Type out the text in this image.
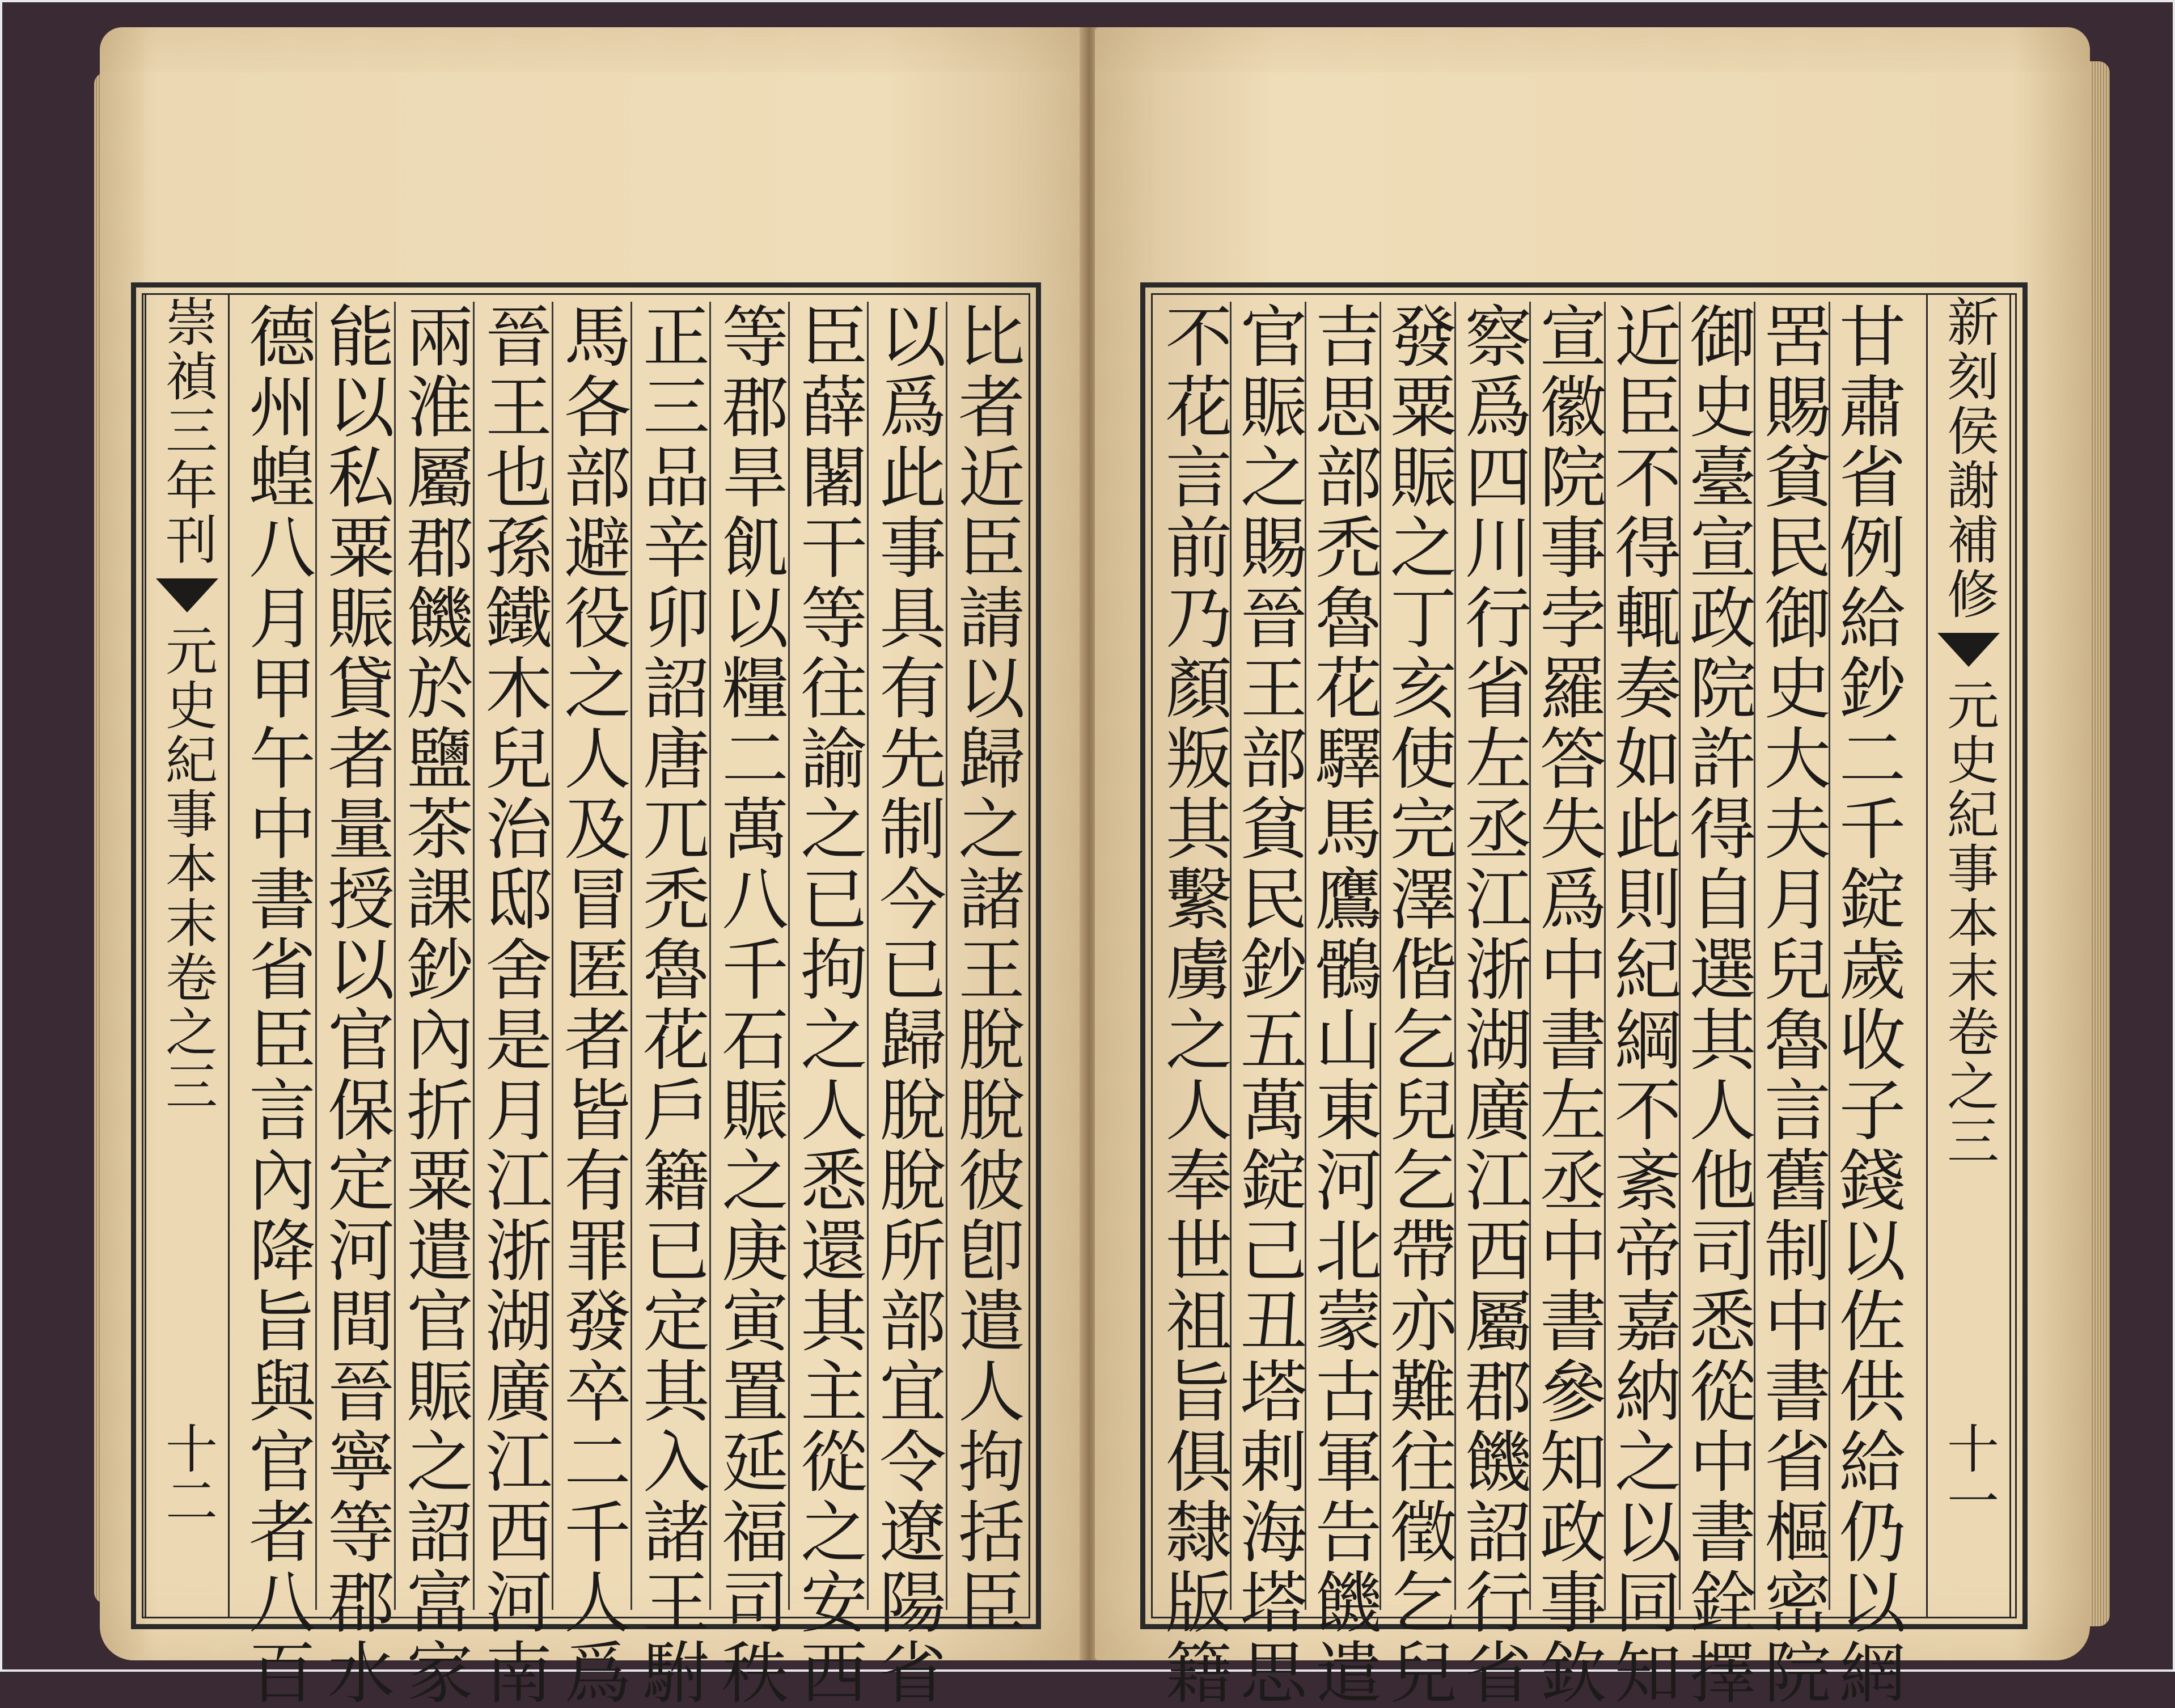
崇禎三年刊
元史紀事本末卷之三
十二	比者近臣請以歸之諸王脫脫彼卽遣人拘括臣
以爲此事具有先制今已歸脫脫所部宜令遼陽省
臣薛闍干等往諭之已拘之人悉還其主從之安西
等郡旱飢以糧二萬八千石賑之庚寅置延福司秩
正三品辛卯詔唐兀禿魯花戶籍已定其入諸王駙
馬各部避役之人及冒匿者皆有罪發卒二千人爲
晉王也孫鐵木兒治邸舍是月江浙湖廣江西河南
兩淮屬郡饑於鹽茶課鈔內折粟遣官賑之詔富家
能以私粟賑貸者量授以官保定河間晉寧等郡水
德州蝗八月甲午中書省臣言內降旨與官者八百	新刻侯謝補修
元史紀事本末卷之三
十一
甘肅省例給鈔二千錠歲收子錢以佐供給仍以網
罟賜貧民御史大夫月兒魯言舊制中書省樞密院
御史臺宣政院許得自選其人他司悉從中書銓擇
近臣不得輒奏如此則紀綱不紊帝嘉納之以同知
宣徽院事孛羅答失爲中書左丞中書參知政事欽
察爲四川行省左丞江浙湖廣江西屬郡饑詔行省
發粟賑之丁亥使完澤偕乞兒乞帶亦難往徵乞兒
吉思部禿魯花驛馬鷹鶻山東河北蒙古軍告饑遣
官賑之賜晉王部貧民鈔五萬錠己丑塔剌海塔思
不花言前乃顏叛其繫虜之人奉世祖旨俱隸版籍
